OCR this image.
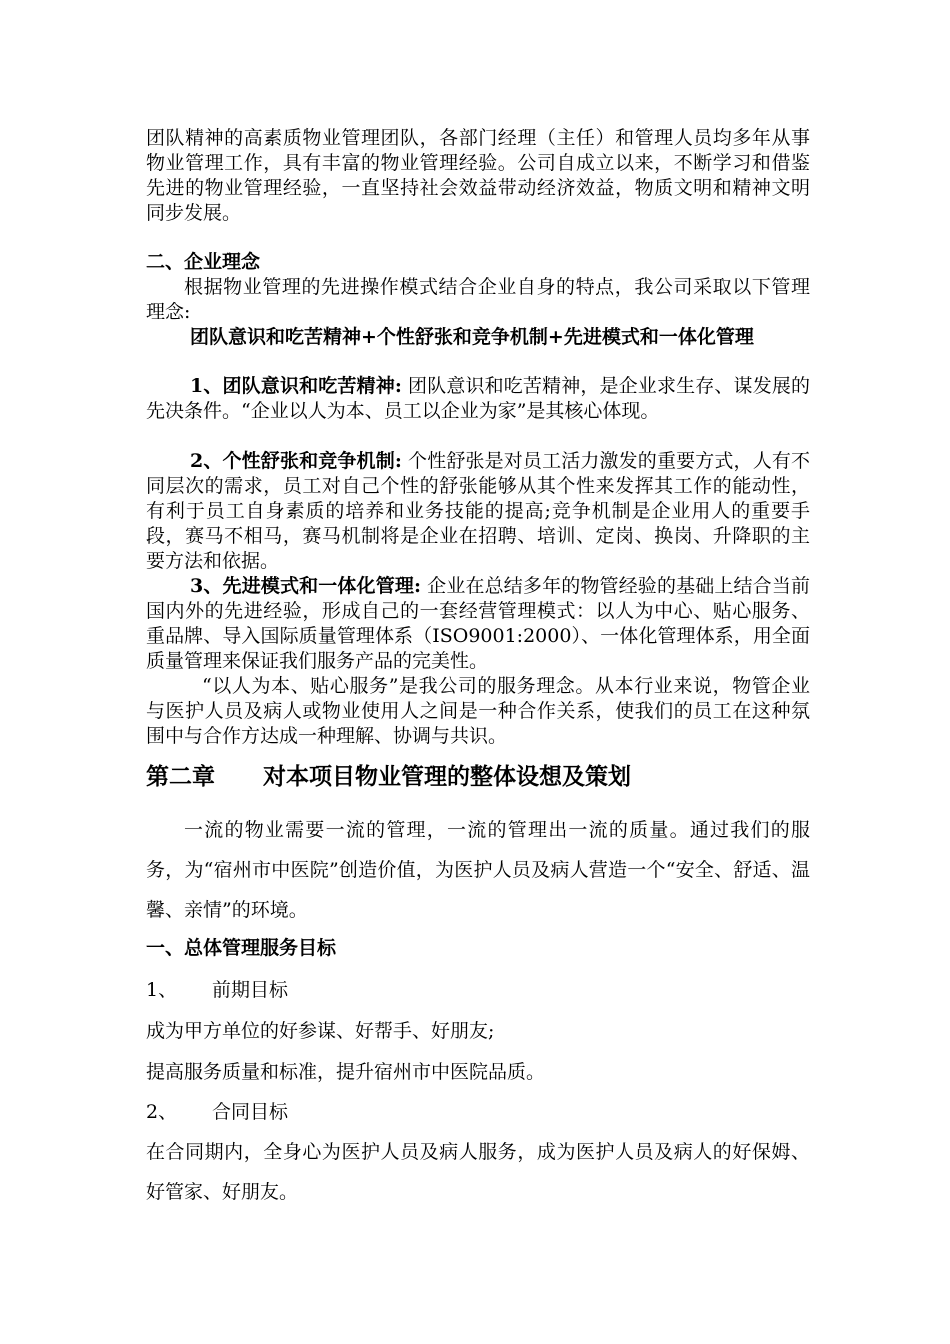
团队精神的高素质物业管理团队，各部门经理（主任）和管理人员均多年从事物业管理工作，具有丰富的物业管理经验。公司自成立以来，不断学习和借鉴先进的物业管理经验，一直坚持社会效益带动经济效益，物质文明和精神文明同步发展。

二、企业理念

根据物业管理的先进操作模式结合企业自身的特点，我公司采取以下管理理念:

团队意识和吃苦精神+个性舒张和竞争机制+先进模式和一体化管理

1、团队意识和吃苦精神: 团队意识和吃苦精神，是企业求生存、谋发展的先决条件。“企业以人为本、员工以企业为家”是其核心体现。

2、个性舒张和竞争机制: 个性舒张是对员工活力激发的重要方式，人有不同层次的需求，员工对自己个性的舒张能够从其个性来发挥其工作的能动性，有利于员工自身素质的培养和业务技能的提高;竞争机制是企业用人的重要手段，赛马不相马，赛马机制将是企业在招聘、培训、定岗、换岗、升降职的主要方法和依据。

3、先进模式和一体化管理: 企业在总结多年的物管经验的基础上结合当前国内外的先进经验，形成自己的一套经营管理模式：以人为中心、贴心服务、重品牌、导入国际质量管理体系（ISO9001:2000）、一体化管理体系，用全面质量管理来保证我们服务产品的完美性。

“以人为本、贴心服务”是我公司的服务理念。从本行业来说，物管企业与医护人员及病人或物业使用人之间是一种合作关系，使我们的员工在这种氛围中与合作方达成一种理解、协调与共识。

第二章 对本项目物业管理的整体设想及策划

一流的物业需要一流的管理，一流的管理出一流的质量。通过我们的服务，为“宿州市中医院”创造价值，为医护人员及病人营造一个“安全、舒适、温馨、亲情”的环境。

一、总体管理服务目标

1、 前期目标

成为甲方单位的好参谋、好帮手、好朋友;

提高服务质量和标准，提升宿州市中医院品质。

2、 合同目标

在合同期内，全身心为医护人员及病人服务，成为医护人员及病人的好保姆、好管家、好朋友。
